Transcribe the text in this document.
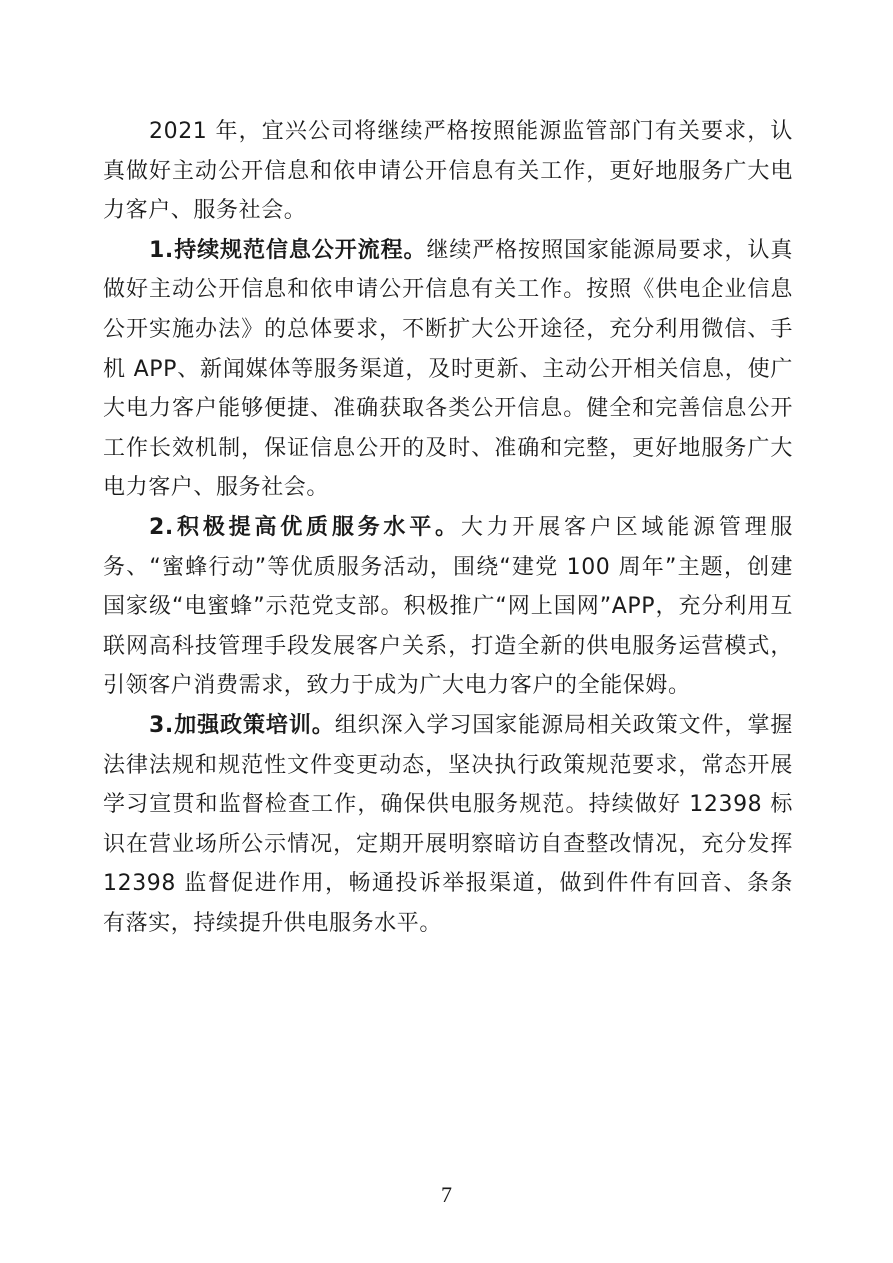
2021 年，宜兴公司将继续严格按照能源监管部门有关要求，认真做好主动公开信息和依申请公开信息有关工作，更好地服务广大电力客户、服务社会。

1.持续规范信息公开流程。继续严格按照国家能源局要求，认真做好主动公开信息和依申请公开信息有关工作。按照《供电企业信息公开实施办法》的总体要求，不断扩大公开途径，充分利用微信、手机 APP、新闻媒体等服务渠道，及时更新、主动公开相关信息，使广大电力客户能够便捷、准确获取各类公开信息。健全和完善信息公开工作长效机制，保证信息公开的及时、准确和完整，更好地服务广大电力客户、服务社会。

2.积极提高优质服务水平。大力开展客户区域能源管理服务、“蜜蜂行动”等优质服务活动，围绕“建党 100 周年”主题，创建国家级“电蜜蜂”示范党支部。积极推广“网上国网”APP，充分利用互联网高科技管理手段发展客户关系，打造全新的供电服务运营模式，引领客户消费需求，致力于成为广大电力客户的全能保姆。

3.加强政策培训。组织深入学习国家能源局相关政策文件，掌握法律法规和规范性文件变更动态，坚决执行政策规范要求，常态开展学习宣贯和监督检查工作，确保供电服务规范。持续做好 12398 标识在营业场所公示情况，定期开展明察暗访自查整改情况，充分发挥 12398 监督促进作用，畅通投诉举报渠道，做到件件有回音、条条有落实，持续提升供电服务水平。

7
